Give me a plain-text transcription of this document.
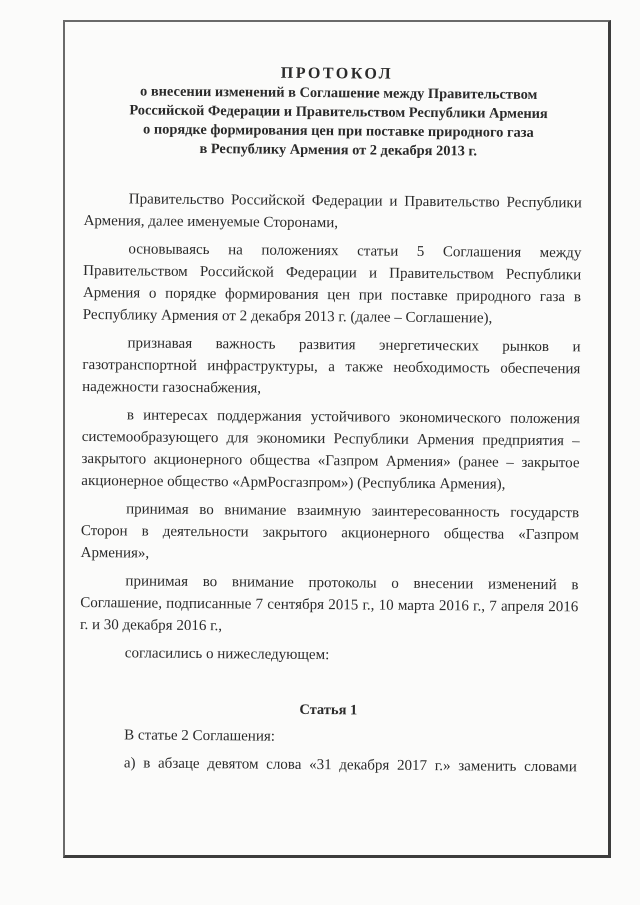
ПРОТОКОЛ
о внесении изменений в Соглашение между Правительством
Российской Федерации и Правительством Республики Армения
о порядке формирования цен при поставке природного газа
в Республику Армения от 2 декабря 2013 г.

Правительство Российской Федерации и Правительство Республики Армения, далее именуемые Сторонами,

основываясь на положениях статьи 5 Соглашения между Правительством Российской Федерации и Правительством Республики Армения о порядке формирования цен при поставке природного газа в Республику Армения от 2 декабря 2013 г. (далее – Соглашение),

признавая важность развития энергетических рынков и газотранспортной инфраструктуры, а также необходимость обеспечения надежности газоснабжения,

в интересах поддержания устойчивого экономического положения системообразующего для экономики Республики Армения предприятия – закрытого акционерного общества «Газпром Армения» (ранее – закрытое акционерное общество «АрмРосгазпром») (Республика Армения),

принимая во внимание взаимную заинтересованность государств Сторон в деятельности закрытого акционерного общества «Газпром Армения»,

принимая во внимание протоколы о внесении изменений в Соглашение, подписанные 7 сентября 2015 г., 10 марта 2016 г., 7 апреля 2016 г. и 30 декабря 2016 г.,

согласились о нижеследующем:

Статья 1

В статье 2 Соглашения:

а) в абзаце девятом слова «31 декабря 2017 г.» заменить словами
